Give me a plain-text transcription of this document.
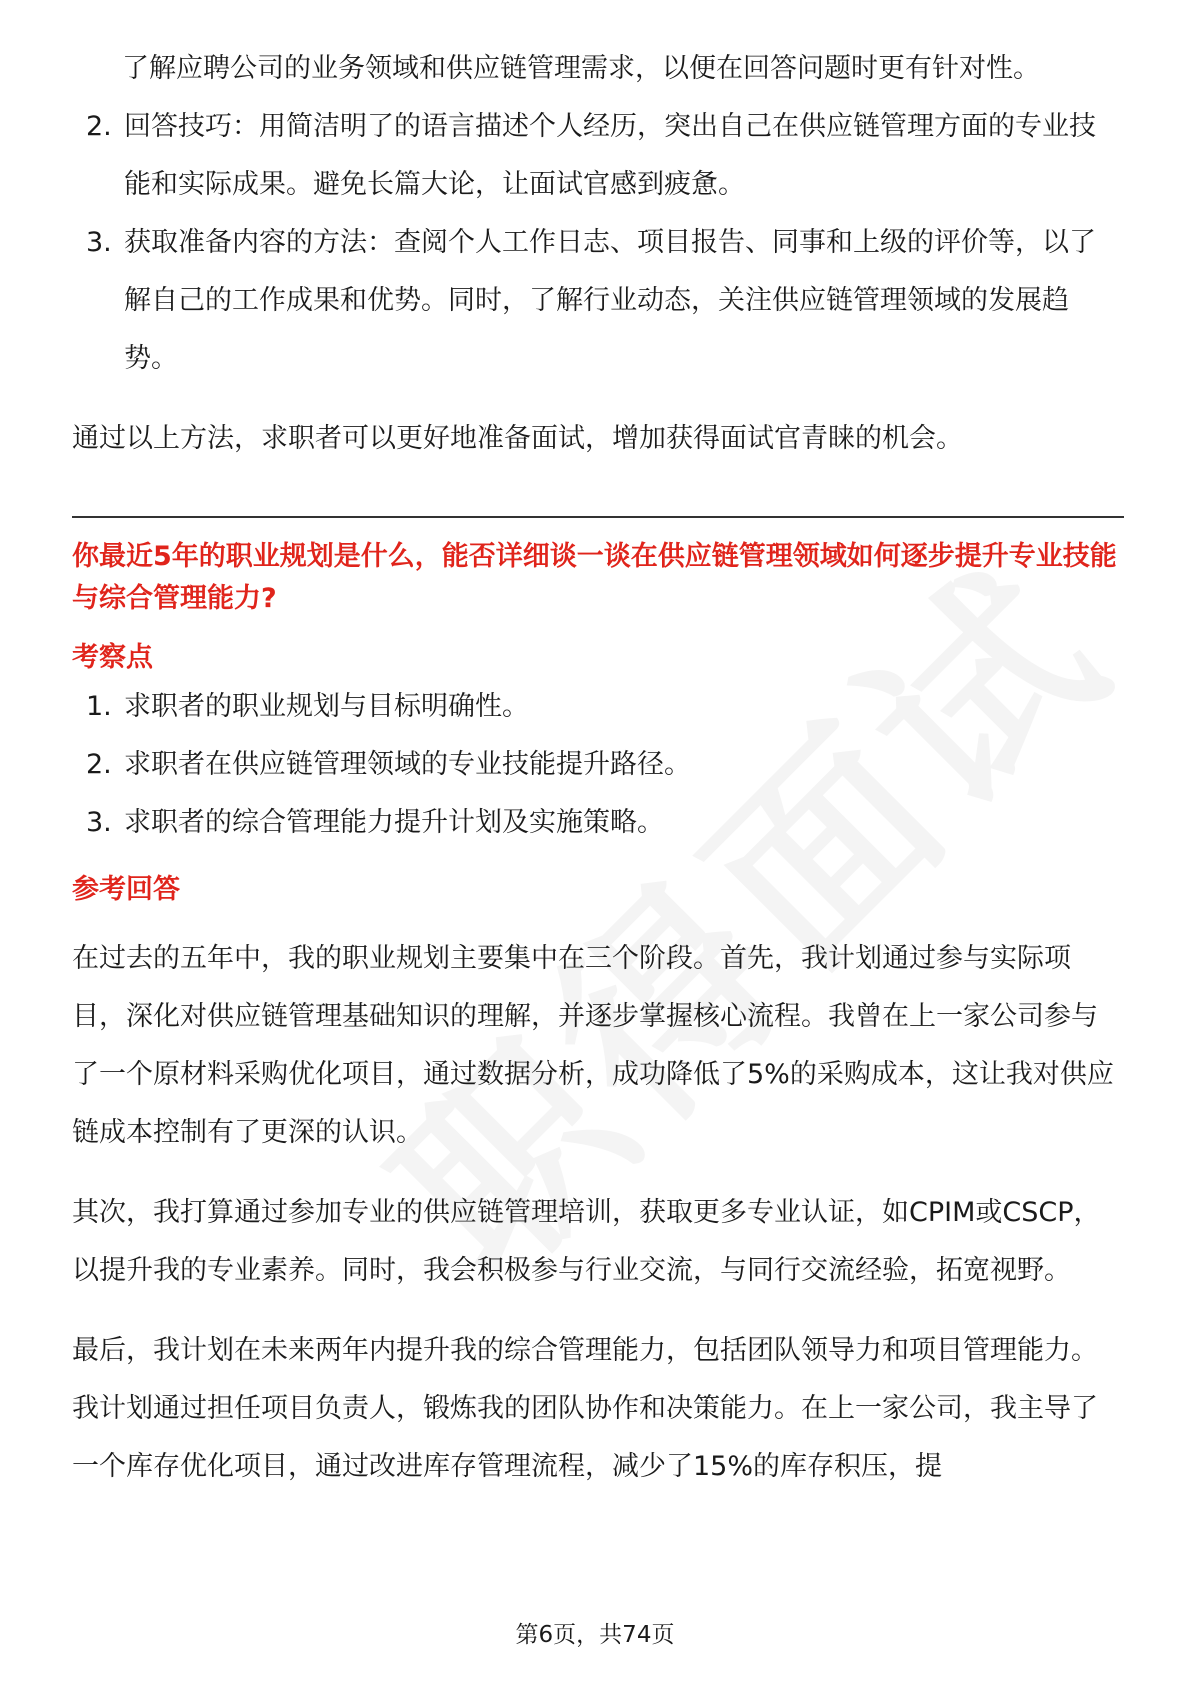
了解应聘公司的业务领域和供应链管理需求，以便在回答问题时更有针对性。
2. 回答技巧：用简洁明了的语言描述个人经历，突出自己在供应链管理方面的专业技能和实际成果。避免长篇大论，让面试官感到疲惫。
3. 获取准备内容的方法：查阅个人工作日志、项目报告、同事和上级的评价等，以了解自己的工作成果和优势。同时，了解行业动态，关注供应链管理领域的发展趋势。

通过以上方法，求职者可以更好地准备面试，增加获得面试官青睐的机会。

你最近5年的职业规划是什么，能否详细谈一谈在供应链管理领域如何逐步提升专业技能与综合管理能力?
考察点
1. 求职者的职业规划与目标明确性。
2. 求职者在供应链管理领域的专业技能提升路径。
3. 求职者的综合管理能力提升计划及实施策略。
参考回答

在过去的五年中，我的职业规划主要集中在三个阶段。首先，我计划通过参与实际项目，深化对供应链管理基础知识的理解，并逐步掌握核心流程。我曾在上一家公司参与了一个原材料采购优化项目，通过数据分析，成功降低了5%的采购成本，这让我对供应链成本控制有了更深的认识。

其次，我打算通过参加专业的供应链管理培训，获取更多专业认证，如CPIM或CSCP，以提升我的专业素养。同时，我会积极参与行业交流，与同行交流经验，拓宽视野。

最后，我计划在未来两年内提升我的综合管理能力，包括团队领导力和项目管理能力。我计划通过担任项目负责人，锻炼我的团队协作和决策能力。在上一家公司，我主导了一个库存优化项目，通过改进库存管理流程，减少了15%的库存积压，提

第6页，共74页
